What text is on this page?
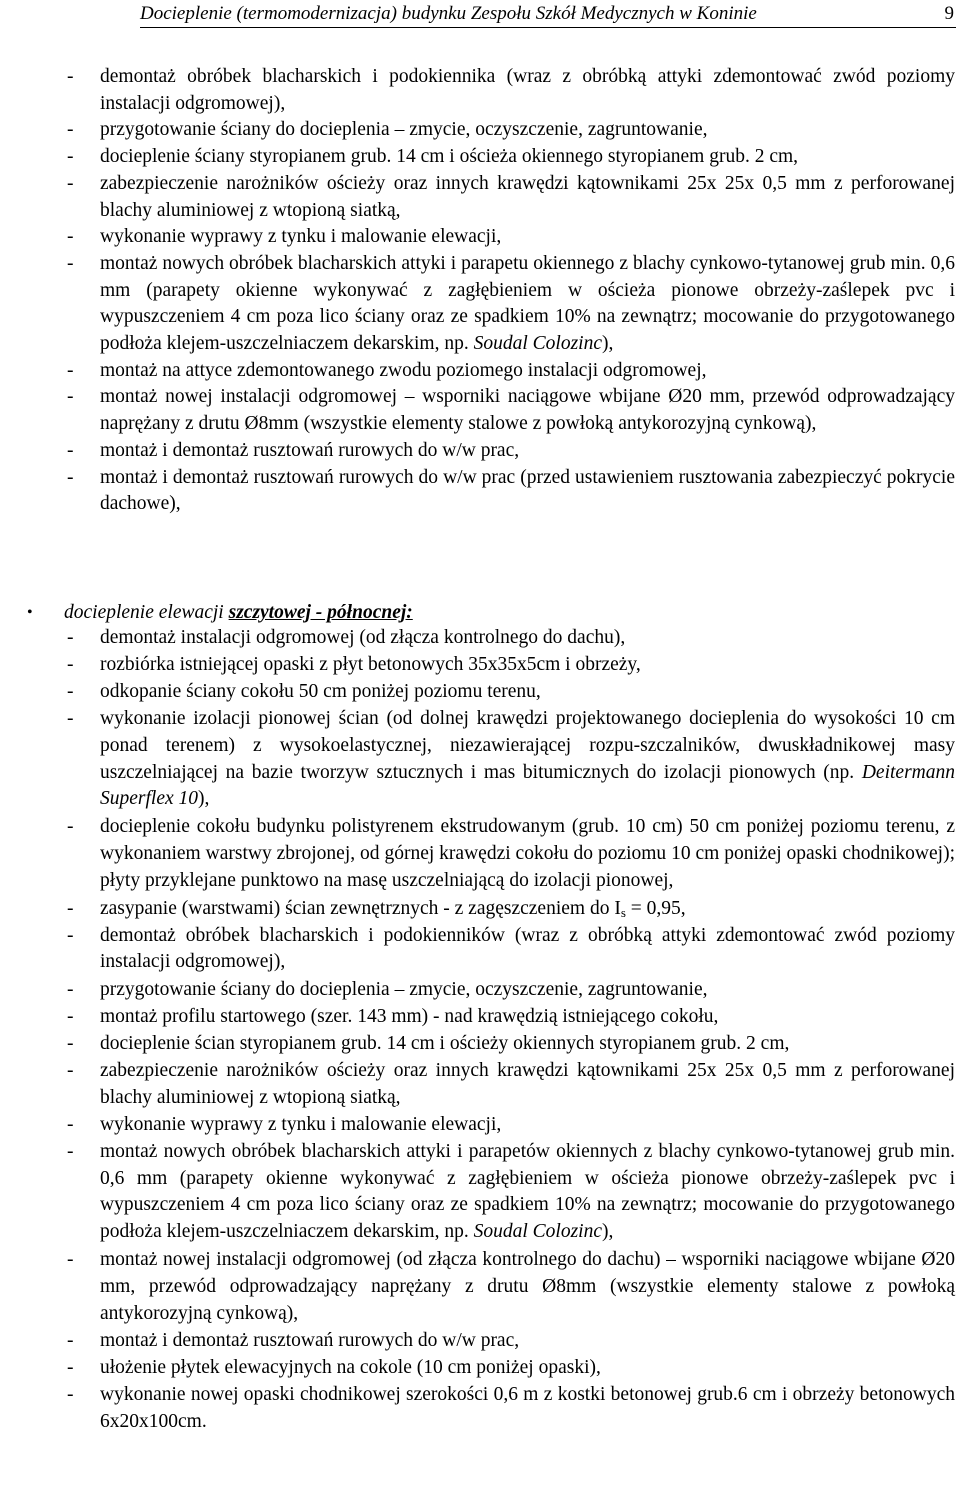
Docieplenie (termomodernizacja) budynku Zespołu Szkół Medycznych w Koninie	9
- demontaż obróbek blacharskich i podokiennika (wraz z obróbką attyki zdemontować zwód poziomy instalacji odgromowej),
- przygotowanie ściany do docieplenia – zmycie, oczyszczenie, zagruntowanie,
- docieplenie ściany styropianem grub. 14 cm i ościeża okiennego styropianem grub. 2 cm,
- zabezpieczenie narożników ościeży oraz innych krawędzi kątownikami 25x 25x 0,5 mm z perforowanej blachy aluminiowej z wtopioną siatką,
- wykonanie wyprawy z tynku i malowanie elewacji,
- montaż nowych obróbek blacharskich attyki i parapetu okiennego z blachy cynkowo-tytanowej grub min. 0,6 mm (parapety okienne wykonywać z zagłębieniem w ościeża pionowe obrzeży-zaślepek pvc i wypuszczeniem 4 cm poza lico ściany oraz ze spadkiem 10% na zewnątrz; mocowanie do przygotowanego podłoża klejem-uszczelniaczem dekarskim, np. Soudal Colozinc),
- montaż na attyce zdemontowanego zwodu poziomego instalacji odgromowej,
- montaż nowej instalacji odgromowej – wsporniki naciągowe wbijane Ø20 mm, przewód odprowadzający naprężany z drutu Ø8mm (wszystkie elementy stalowe z powłoką antykorozyjną cynkową),
- montaż i demontaż rusztowań rurowych do w/w prac,
- montaż i demontaż rusztowań rurowych do w/w prac (przed ustawieniem rusztowania zabezpieczyć pokrycie dachowe),
• docieplenie elewacji szczytowej - północnej:
- demontaż instalacji odgromowej (od złącza kontrolnego do dachu),
- rozbiórka istniejącej opaski z płyt betonowych 35x35x5cm i obrzeży,
- odkopanie ściany cokołu 50 cm poniżej poziomu terenu,
- wykonanie izolacji pionowej ścian (od dolnej krawędzi projektowanego docieplenia do wysokości 10 cm ponad terenem) z wysokoelastycznej, niezawierającej rozpu-szczalników, dwuskładnikowej masy uszczelniającej na bazie tworzyw sztucznych i mas bitumicznych do izolacji pionowych (np. Deitermann Superflex 10),
- docieplenie cokołu budynku polistyrenem ekstrudowanym (grub. 10 cm) 50 cm poniżej poziomu terenu, z wykonaniem warstwy zbrojonej, od górnej krawędzi cokołu do poziomu 10 cm poniżej opaski chodnikowej); płyty przyklejane punktowo na masę uszczelniającą do izolacji pionowej,
- zasypanie (warstwami) ścian zewnętrznych - z zagęszczeniem do $I_s = 0,95$,
- demontaż obróbek blacharskich i podokienników (wraz z obróbką attyki zdemontować zwód poziomy instalacji odgromowej),
- przygotowanie ściany do docieplenia – zmycie, oczyszczenie, zagruntowanie,
- montaż profilu startowego (szer. 143 mm) - nad krawędzią istniejącego cokołu,
- docieplenie ścian styropianem grub. 14 cm i ościeży okiennych styropianem grub. 2 cm,
- zabezpieczenie narożników ościeży oraz innych krawędzi kątownikami 25x 25x 0,5 mm z perforowanej blachy aluminiowej z wtopioną siatką,
- wykonanie wyprawy z tynku i malowanie elewacji,
- montaż nowych obróbek blacharskich attyki i parapetów okiennych z blachy cynkowo-tytanowej grub min. 0,6 mm (parapety okienne wykonywać z zagłębieniem w ościeża pionowe obrzeży-zaślepek pvc i wypuszczeniem 4 cm poza lico ściany oraz ze spadkiem 10% na zewnątrz; mocowanie do przygotowanego podłoża klejem-uszczelniaczem dekarskim, np. Soudal Colozinc),
- montaż nowej instalacji odgromowej (od złącza kontrolnego do dachu) – wsporniki naciągowe wbijane Ø20 mm, przewód odprowadzający naprężany z drutu Ø8mm (wszystkie elementy stalowe z powłoką antykorozyjną cynkową),
- montaż i demontaż rusztowań rurowych do w/w prac,
- ułożenie płytek elewacyjnych na cokole (10 cm poniżej opaski),
- wykonanie nowej opaski chodnikowej szerokości 0,6 m z kostki betonowej grub.6 cm i obrzeży betonowych 6x20x100cm.
